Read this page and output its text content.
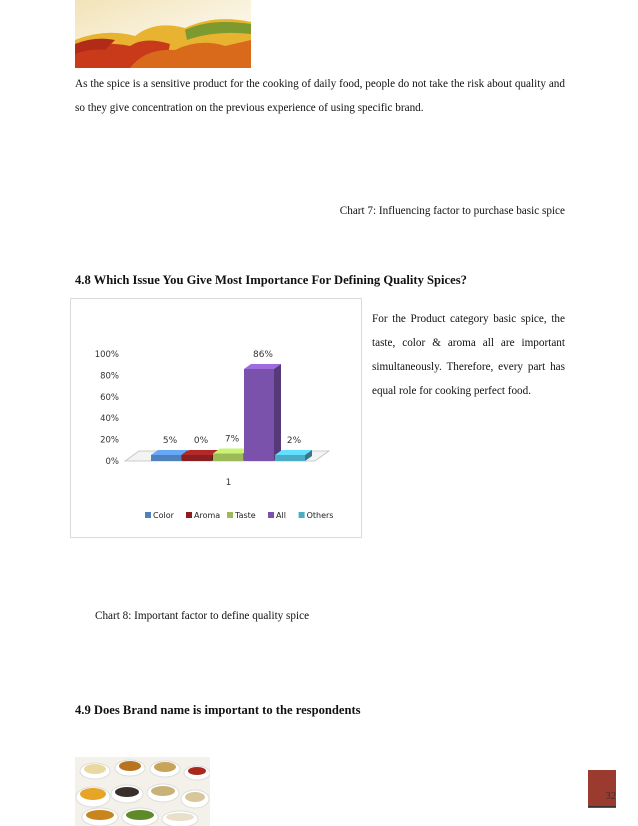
As the spice is a sensitive product for the cooking of daily food, people do not take the risk about quality and so they give concentration on the previous experience of using specific brand.
Chart 7: Influencing factor to purchase basic spice
4.8 Which Issue You Give Most Importance For Defining Quality Spices?
0%
20%
40%
60%
80%
100%
5% 0% 7%
86%
2%
1
Color	Aroma Taste	All	Others
For the Product category basic spice, the taste, color & aroma all are important simultaneously. Therefore, every part has equal role for cooking perfect food.
Chart 8: Important factor to define quality spice
4.9 Does Brand name is important to the respondents
32
